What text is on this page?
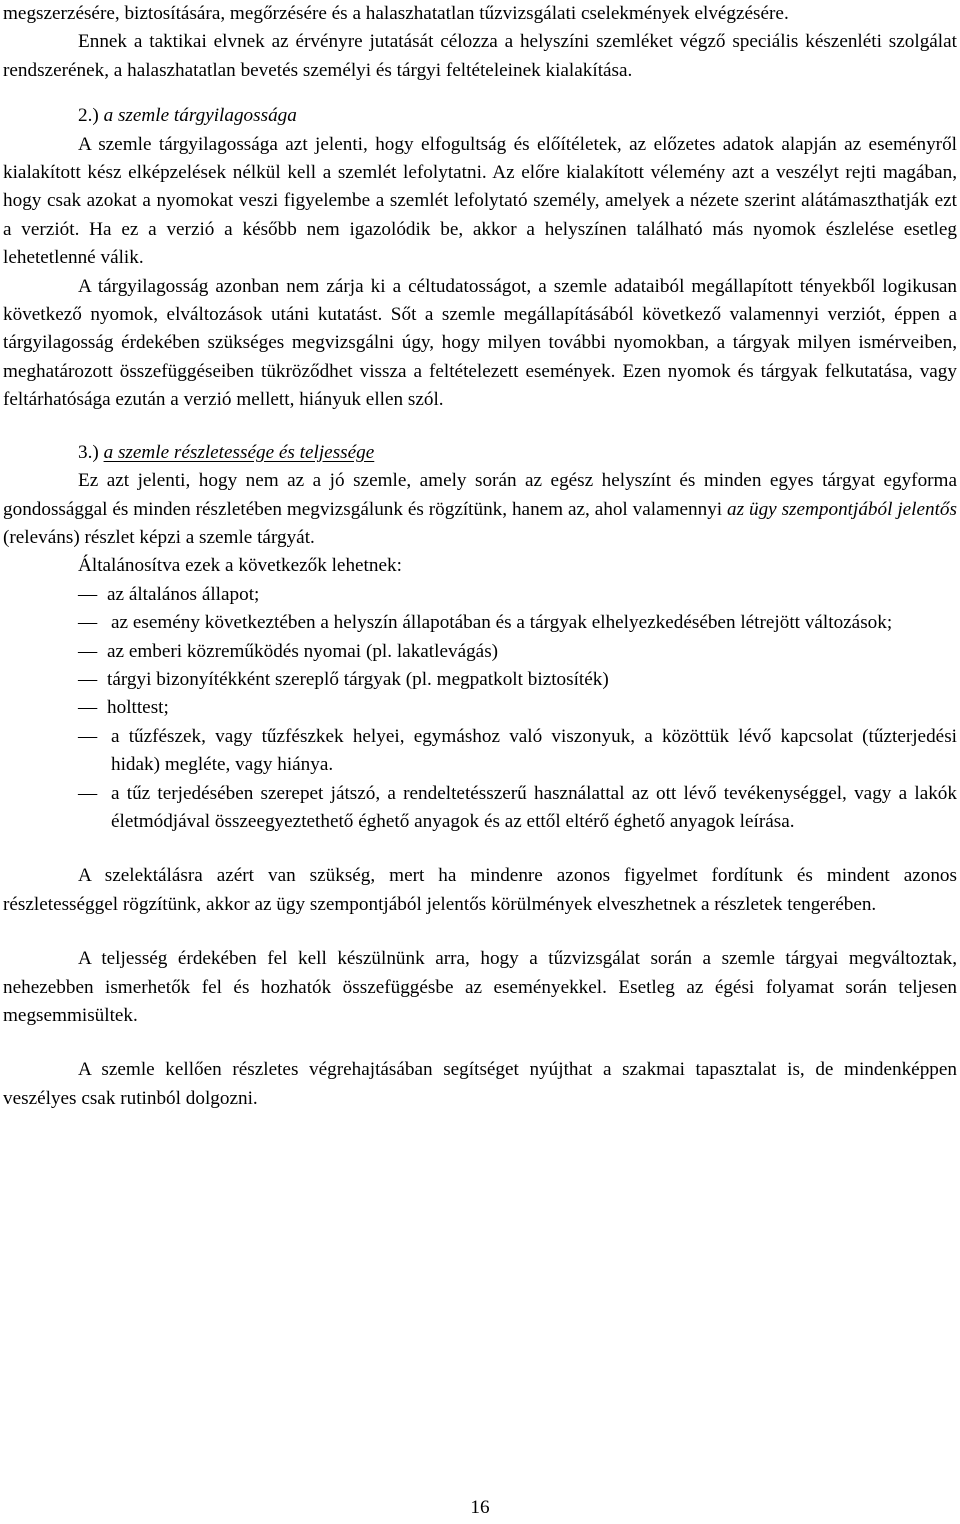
megszerzésére, biztosítására, megőrzésére és a halaszhatatlan tűzvizsgálati cselekmények elvégzésére.

Ennek a taktikai elvnek az érvényre jutatását célozza a helyszíni szemléket végző speciális készenléti szolgálat rendszerének, a halaszhatatlan bevetés személyi és tárgyi feltételeinek kialakítása.

2.) a szemle tárgyilagossága

A szemle tárgyilagossága azt jelenti, hogy elfogultság és előítéletek, az előzetes adatok alapján az eseményről kialakított kész elképzelések nélkül kell a szemlét lefolytatni. Az előre kialakított vélemény azt a veszélyt rejti magában, hogy csak azokat a nyomokat veszi figyelembe a szemlét lefolytató személy, amelyek a nézete szerint alátámaszthatják ezt a verziót. Ha ez a verzió a később nem igazolódik be, akkor a helyszínen található más nyomok észlelése esetleg lehetetlenné válik.

A tárgyilagosság azonban nem zárja ki a céltudatosságot, a szemle adataiból megállapított tényekből logikusan következő nyomok, elváltozások utáni kutatást. Sőt a szemle megállapításából következő valamennyi verziót, éppen a tárgyilagosság érdekében szükséges megvizsgálni úgy, hogy milyen további nyomokban, a tárgyak milyen ismérveiben, meghatározott összefüggéseiben tükröződhet vissza a feltételezett események. Ezen nyomok és tárgyak felkutatása, vagy feltárhatósága ezután a verzió mellett, hiányuk ellen szól.

3.) a szemle részletessége és teljessége

Ez azt jelenti, hogy nem az a jó szemle, amely során az egész helyszínt és minden egyes tárgyat egyforma gondossággal és minden részletében megvizsgálunk és rögzítünk, hanem az, ahol valamennyi az ügy szempontjából jelentős (releváns) részlet képzi a szemle tárgyát.

Általánosítva ezek a következők lehetnek:

— az általános állapot;
— az esemény következtében a helyszín állapotában és a tárgyak elhelyezkedésében létrejött változások;
— az emberi közreműködés nyomai (pl. lakatlevágás)
— tárgyi bizonyítékként szereplő tárgyak (pl. megpatkolt biztosíték)
— holttest;
— a tűzfészek, vagy tűzfészkek helyei, egymáshoz való viszonyuk, a közöttük lévő kapcsolat (tűzterjedési hidak) megléte, vagy hiánya.
— a tűz terjedésében szerepet játszó, a rendeltetésszerű használattal az ott lévő tevékenységgel, vagy a lakók életmódjával összeegyeztethető éghető anyagok és az ettől eltérő éghető anyagok leírása.

A szelektálásra azért van szükség, mert ha mindenre azonos figyelmet fordítunk és mindent azonos részletességgel rögzítünk, akkor az ügy szempontjából jelentős körülmények elveszhetnek a részletek tengerében.

A teljesség érdekében fel kell készülnünk arra, hogy a tűzvizsgálat során a szemle tárgyai megváltoztak, nehezebben ismerhetők fel és hozhatók összefüggésbe az eseményekkel. Esetleg az égési folyamat során teljesen megsemmisültek.

A szemle kellően részletes végrehajtásában segítséget nyújthat a szakmai tapasztalat is, de mindenképpen veszélyes csak rutinból dolgozni.

16
